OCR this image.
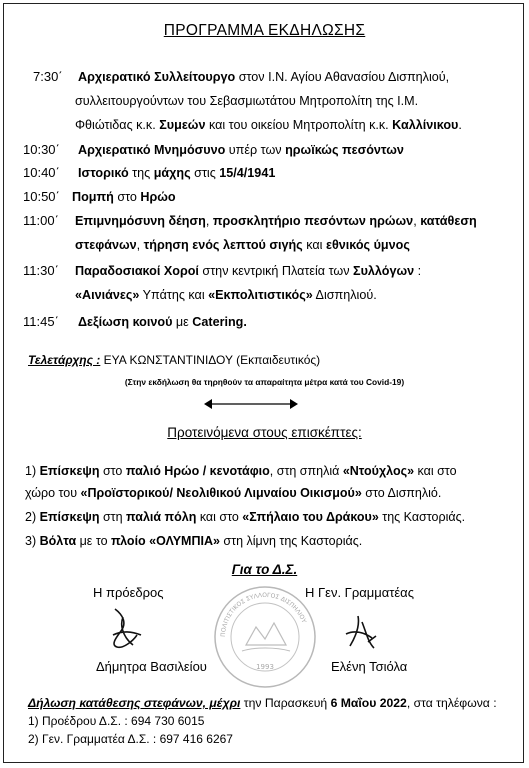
ΠΡΟΓΡΑΜΜΑ ΕΚΔΗΛΩΣΗΣ
7:30΄ Αρχιερατικό Συλλείτουργο στον Ι.Ν. Αγίου Αθανασίου Δισπηλιού,
συλλειτουργούντων του Σεβασμιωτάτου Μητροπολίτη της Ι.Μ.
Φθιώτιδας κ.κ. Συμεών και του οικείου Μητροπολίτη κ.κ. Καλλίνικου.
10:30΄ Αρχιερατικό Μνημόσυνο υπέρ των ηρωϊκώς πεσόντων
10:40΄ Ιστορικό της μάχης στις 15/4/1941
10:50΄ Πομπή στο Ηρώο
11:00΄ Επιμνημόσυνη δέηση, προσκλητήριο πεσόντων ηρώων, κατάθεση
στεφάνων, τήρηση ενός λεπτού σιγής και εθνικός ύμνος
11:30΄ Παραδοσιακοί Χοροί στην κεντρική Πλατεία των Συλλόγων :
«Αινιάνες» Υπάτης και «Εκπολιτιστικός» Δισπηλιού.
11:45΄ Δεξίωση κοινού με Catering.
Τελετάρχης : ΕΥΑ ΚΩΝΣΤΑΝΤΙΝΙΔΟΥ (Εκπαιδευτικός)
(Στην εκδήλωση θα τηρηθούν τα απαραίτητα μέτρα κατά του Covid-19)
Προτεινόμενα στους επισκέπτες:
1) Επίσκεψη στο παλιό Ηρώο / κενοτάφιο, στη σπηλιά «Ντούχλος» και στο
χώρο του «Προϊστορικού/ Νεολιθικού Λιμναίου Οικισμού» στο Δισπηλιό.
2) Επίσκεψη στη παλιά πόλη και στο «Σπήλαιο του Δράκου» της Καστοριάς.
3) Βόλτα με το πλοίο «ΟΛΥΜΠΙΑ» στη λίμνη της Καστοριάς.
Για το Δ.Σ.
Η πρόεδρος	Η Γεν. Γραμματέας
ΠΟΛΙΤΙΣΤΙΚΟΣ ΣΥΛΛΟΓΟΣ ΔΙΣΠΗΛΙΟΥ
1993
Δήμητρα Βασιλείου	Ελένη Τσιόλα
Δήλωση κατάθεσης στεφάνων, μέχρι την Παρασκευή 6 Μαΐου 2022, στα τηλέφωνα :
1) Προέδρου Δ.Σ. : 694 730 6015
2) Γεν. Γραμματέα Δ.Σ. : 697 416 6267
